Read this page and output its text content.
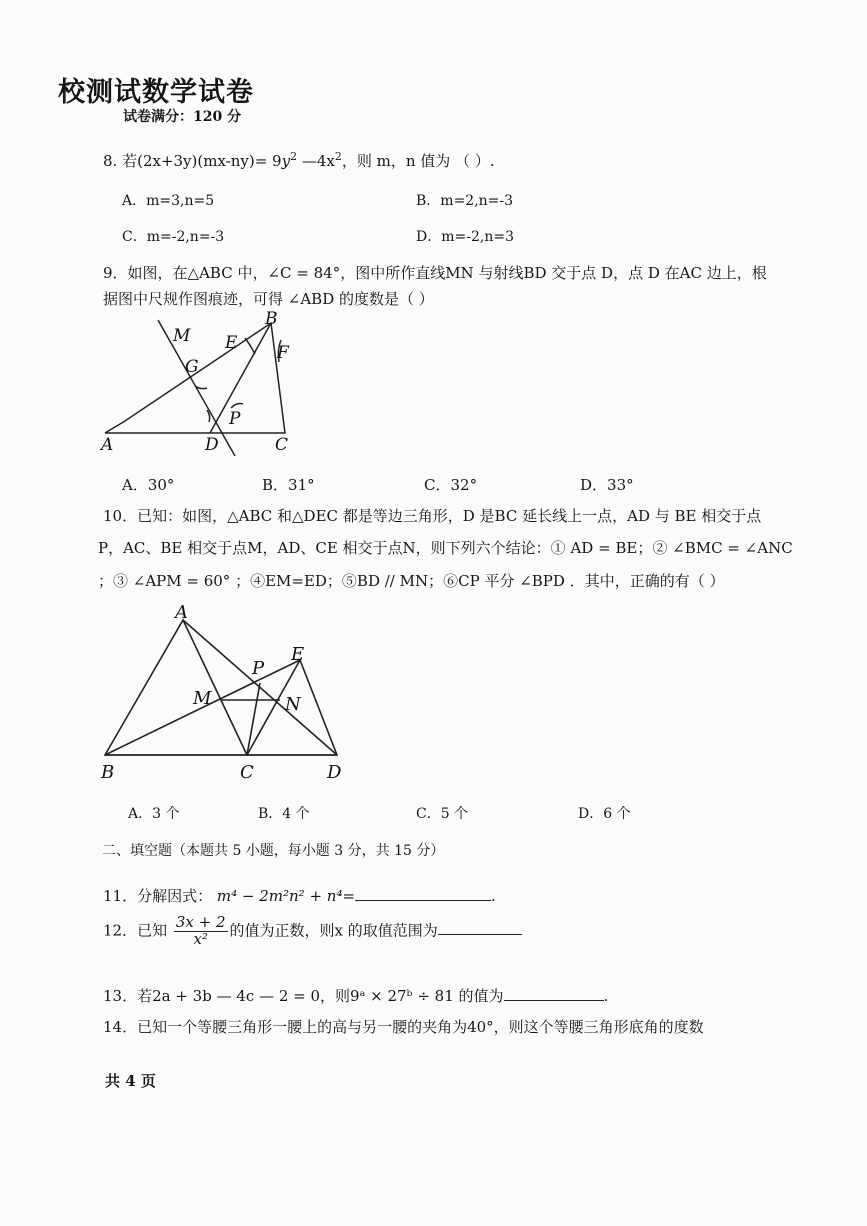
校测试数学试卷
试卷满分：120 分
8. 若$(2x+3y)(mx-ny)= 9y^2$ $—4x^2$，则 m，n 值为 （ ）.
A．m=3,n=5	B．m=2,n=-3
C．m=-2,n=-3	D．m=-2,n=3
9．如图，在△ABC 中，∠C = 84°，图中所作直线MN 与射线BD 交于点 D，点 D 在AC 边上，根
据图中尺规作图痕迹，可得 ∠ABD 的度数是（ ）
M E
B
F
G
P
A	D	C
A．30°	B．31°	C．32°	D．33°
10．已知：如图，△ABC 和△DEC 都是等边三角形，D 是BC 延长线上一点，AD 与 BE 相交于点
P，AC、BE 相交于点M，AD、CE 相交于点N，则下列六个结论：① AD = BE；② ∠BMC = ∠ANC
；③ ∠APM = 60° ；④EM=ED；⑤BD // MN；⑥CP 平分 ∠BPD ．其中，正确的有（ ）
A
P
E
M	N
B	C	D
A．3 个	B．4 个	C．5 个	D．6 个
二、填空题（本题共 5 小题，每小题 3 分，共 15 分）
11．分解因式： m⁴ − 2m²n² + n⁴=	.
12．已知 $\frac{3x + 2}{\text{x²}}$ 的值为正数，则x 的取值范围为
13．若2a + 3b — 4c — 2 = 0，则9ᵃ × 27ᵇ ÷ 81 的值为	.
14．已知一个等腰三角形一腰上的高与另一腰的夹角为40°，则这个等腰三角形底角的度数
共 4 页
